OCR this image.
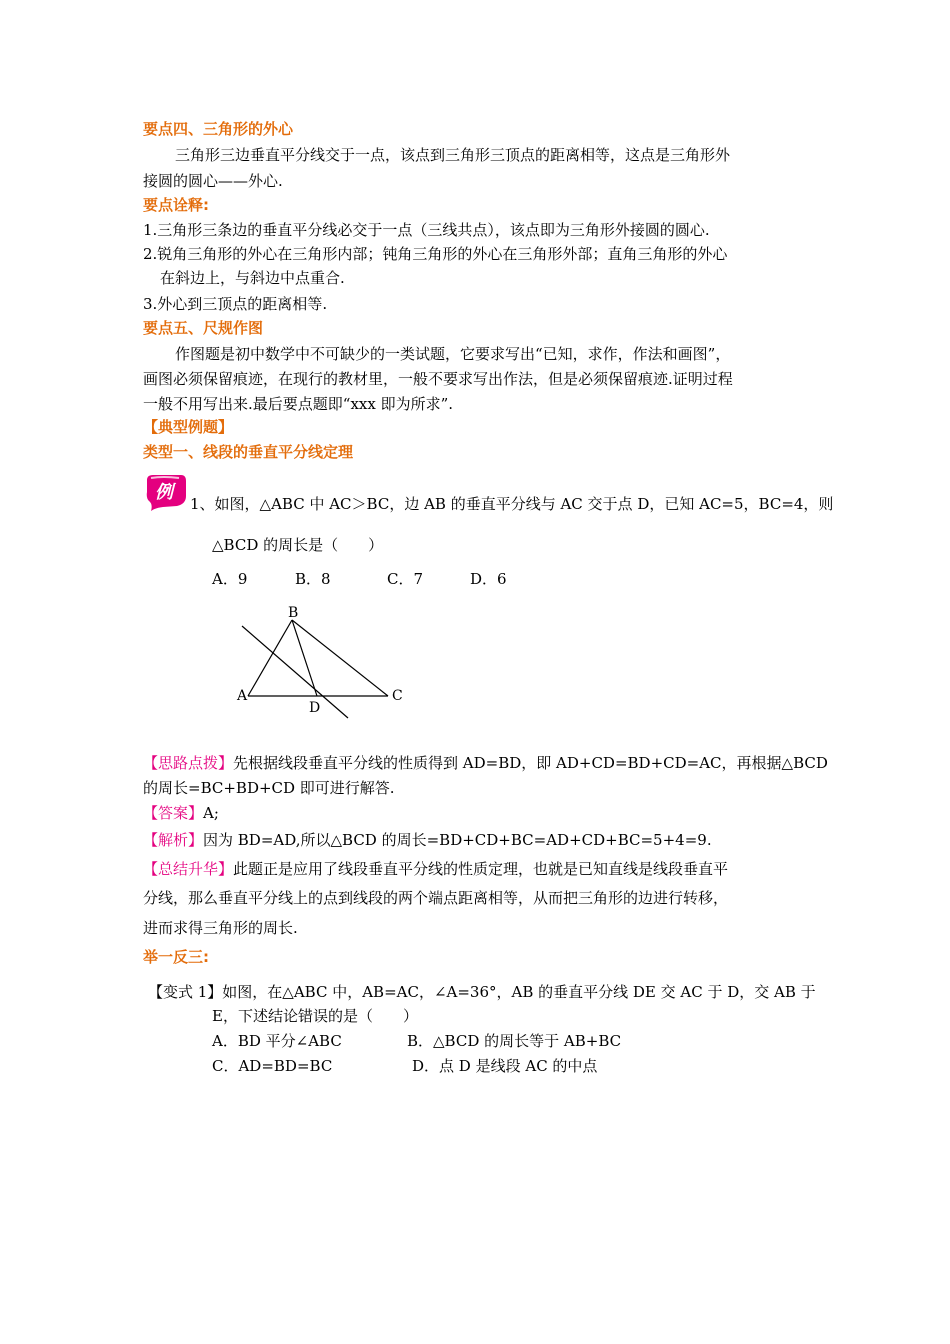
要点四、三角形的外心
三角形三边垂直平分线交于一点，该点到三角形三顶点的距离相等，这点是三角形外
接圆的圆心——外心.
要点诠释:
1.三角形三条边的垂直平分线必交于一点（三线共点），该点即为三角形外接圆的圆心.
2.锐角三角形的外心在三角形内部；钝角三角形的外心在三角形外部；直角三角形的外心
在斜边上，与斜边中点重合.
3.外心到三顶点的距离相等.
要点五、尺规作图
作图题是初中数学中不可缺少的一类试题，它要求写出“已知，求作，作法和画图”，
画图必须保留痕迹，在现行的教材里，一般不要求写出作法，但是必须保留痕迹.证明过程
一般不用写出来.最后要点题即“xxx 即为所求”.
【典型例题】
类型一、线段的垂直平分线定理
例
1、如图，△ABC 中 AC＞BC，边 AB 的垂直平分线与 AC 交于点 D，已知 AC=5，BC=4，则
△BCD 的周长是（　　）
A．9	B．8	C．7	D．6
A
B
C
D
【思路点拨】先根据线段垂直平分线的性质得到 AD=BD，即 AD+CD=BD+CD=AC，再根据△BCD
的周长=BC+BD+CD 即可进行解答.
【答案】A;
【解析】因为 BD=AD,所以△BCD 的周长=BD+CD+BC=AD+CD+BC=5+4=9.
【总结升华】此题正是应用了线段垂直平分线的性质定理，也就是已知直线是线段垂直平
分线，那么垂直平分线上的点到线段的两个端点距离相等，从而把三角形的边进行转移，
进而求得三角形的周长.
举一反三:
【变式 1】如图，在△ABC 中，AB=AC，∠A=36°，AB 的垂直平分线 DE 交 AC 于 D，交 AB 于
E，下述结论错误的是（　　）
A．BD 平分∠ABC	B．△BCD 的周长等于 AB+BC
C．AD=BD=BC	D．点 D 是线段 AC 的中点
